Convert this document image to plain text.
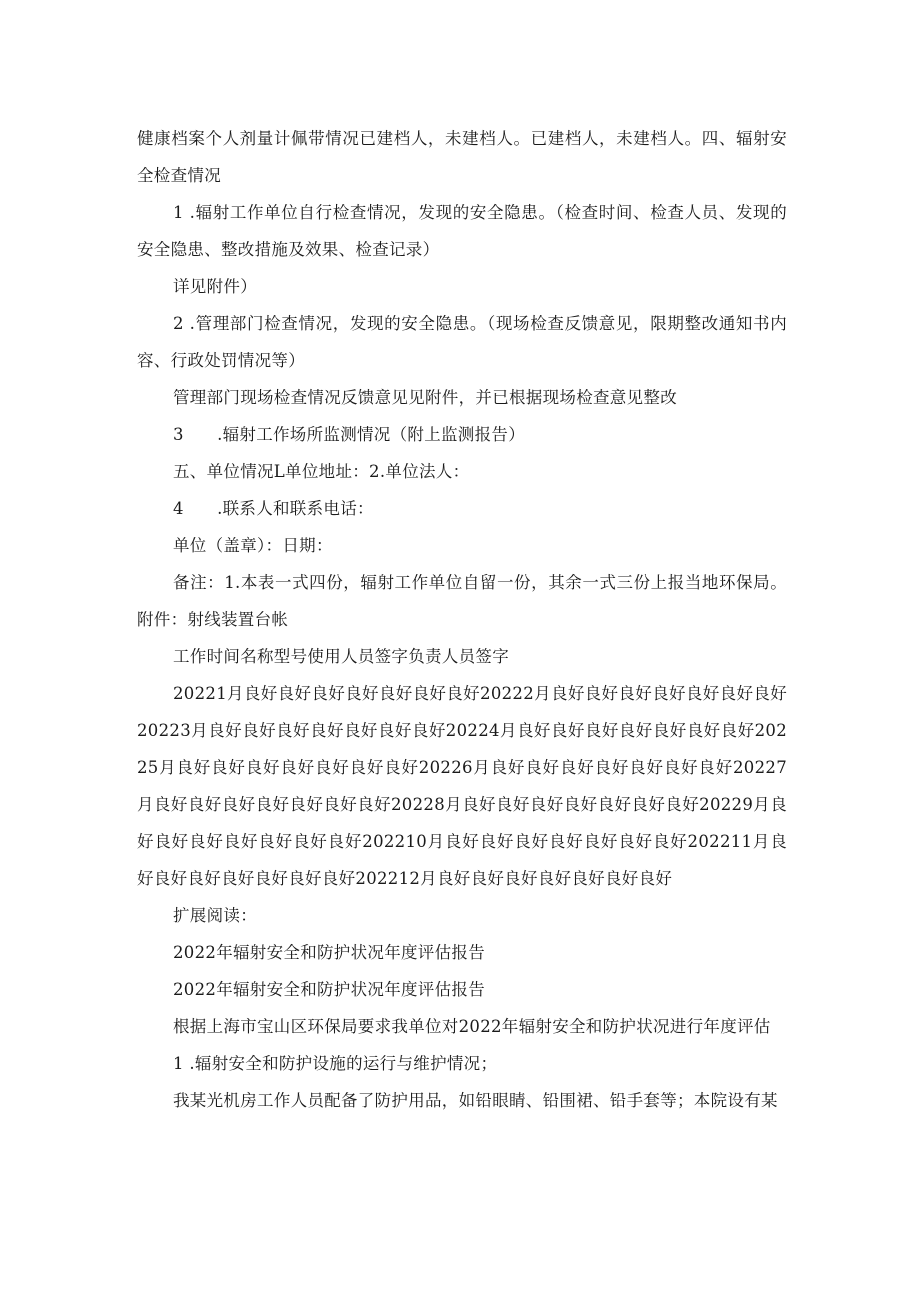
健康档案个人剂量计佩带情况已建档人，未建档人。已建档人，未建档人。四、辐射安全检查情况

1 .辐射工作单位自行检查情况，发现的安全隐患。（检查时间、检查人员、发现的安全隐患、整改措施及效果、检查记录）

详见附件）

2 .管理部门检查情况，发现的安全隐患。（现场检查反馈意见，限期整改通知书内容、行政处罚情况等）

管理部门现场检查情况反馈意见见附件，并已根据现场检查意见整改

3      .辐射工作场所监测情况（附上监测报告）

五、单位情况L单位地址：2.单位法人：

4      .联系人和联系电话：

单位（盖章）：日期：

备注：1.本表一式四份，辐射工作单位自留一份，其余一式三份上报当地环保局。附件：射线装置台帐

工作时间名称型号使用人员签字负责人员签字

20221月良好良好良好良好良好良好良好20222月良好良好良好良好良好良好良好20223月良好良好良好良好良好良好良好20224月良好良好良好良好良好良好良好20225月良好良好良好良好良好良好良好20226月良好良好良好良好良好良好良好20227月良好良好良好良好良好良好良好20228月良好良好良好良好良好良好良好20229月良好良好良好良好良好良好良好202210月良好良好良好良好良好良好良好202211月良好良好良好良好良好良好良好202212月良好良好良好良好良好良好良好

扩展阅读：

2022年辐射安全和防护状况年度评估报告

2022年辐射安全和防护状况年度评估报告

根据上海市宝山区环保局要求我单位对2022年辐射安全和防护状况进行年度评估

1 .辐射安全和防护设施的运行与维护情况；

我某光机房工作人员配备了防护用品，如铅眼睛、铅围裙、铅手套等；本院设有某
